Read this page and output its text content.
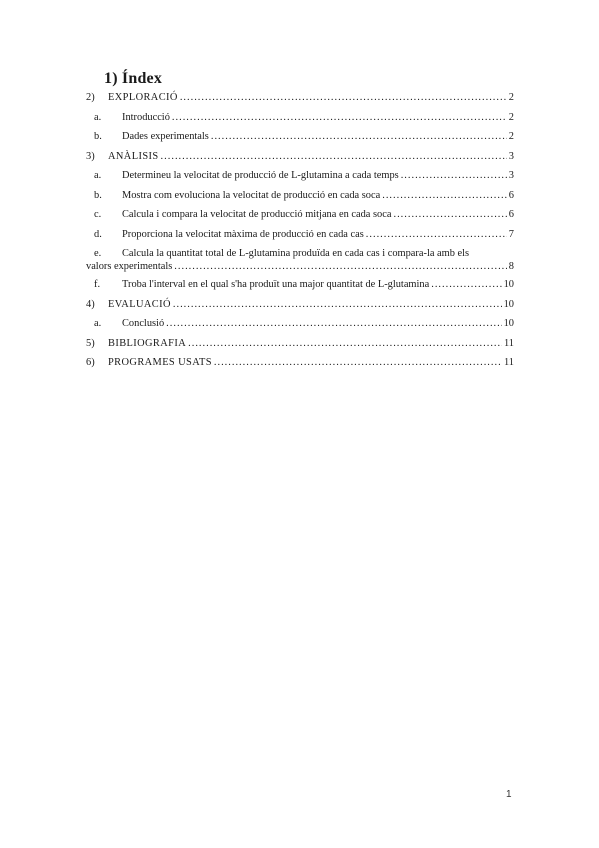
1) Índex
2) EXPLORACIÓ .....	2
a. Introducció .....	2
b. Dades experimentals .....	2
3) ANÀLISIS .....	3
a. Determineu la velocitat de producció de L-glutamina a cada temps .....	3
b. Mostra com evoluciona la velocitat de producció en cada soca .....	6
c. Calcula i compara la velocitat de producció mitjana en cada soca .....	6
d. Proporciona la velocitat màxima de producció en cada cas .....	7
e. Calcula la quantitat total de L-glutamina produïda en cada cas i compara-la amb els
valors experimentals .....	8
f. Troba l'interval en el qual s'ha produït una major quantitat de L-glutamina .....	10
4) EVALUACIÓ .....	10
a. Conclusió .....	10
5) BIBLIOGRAFIA .....	11
6) PROGRAMES USATS .....	11
1
